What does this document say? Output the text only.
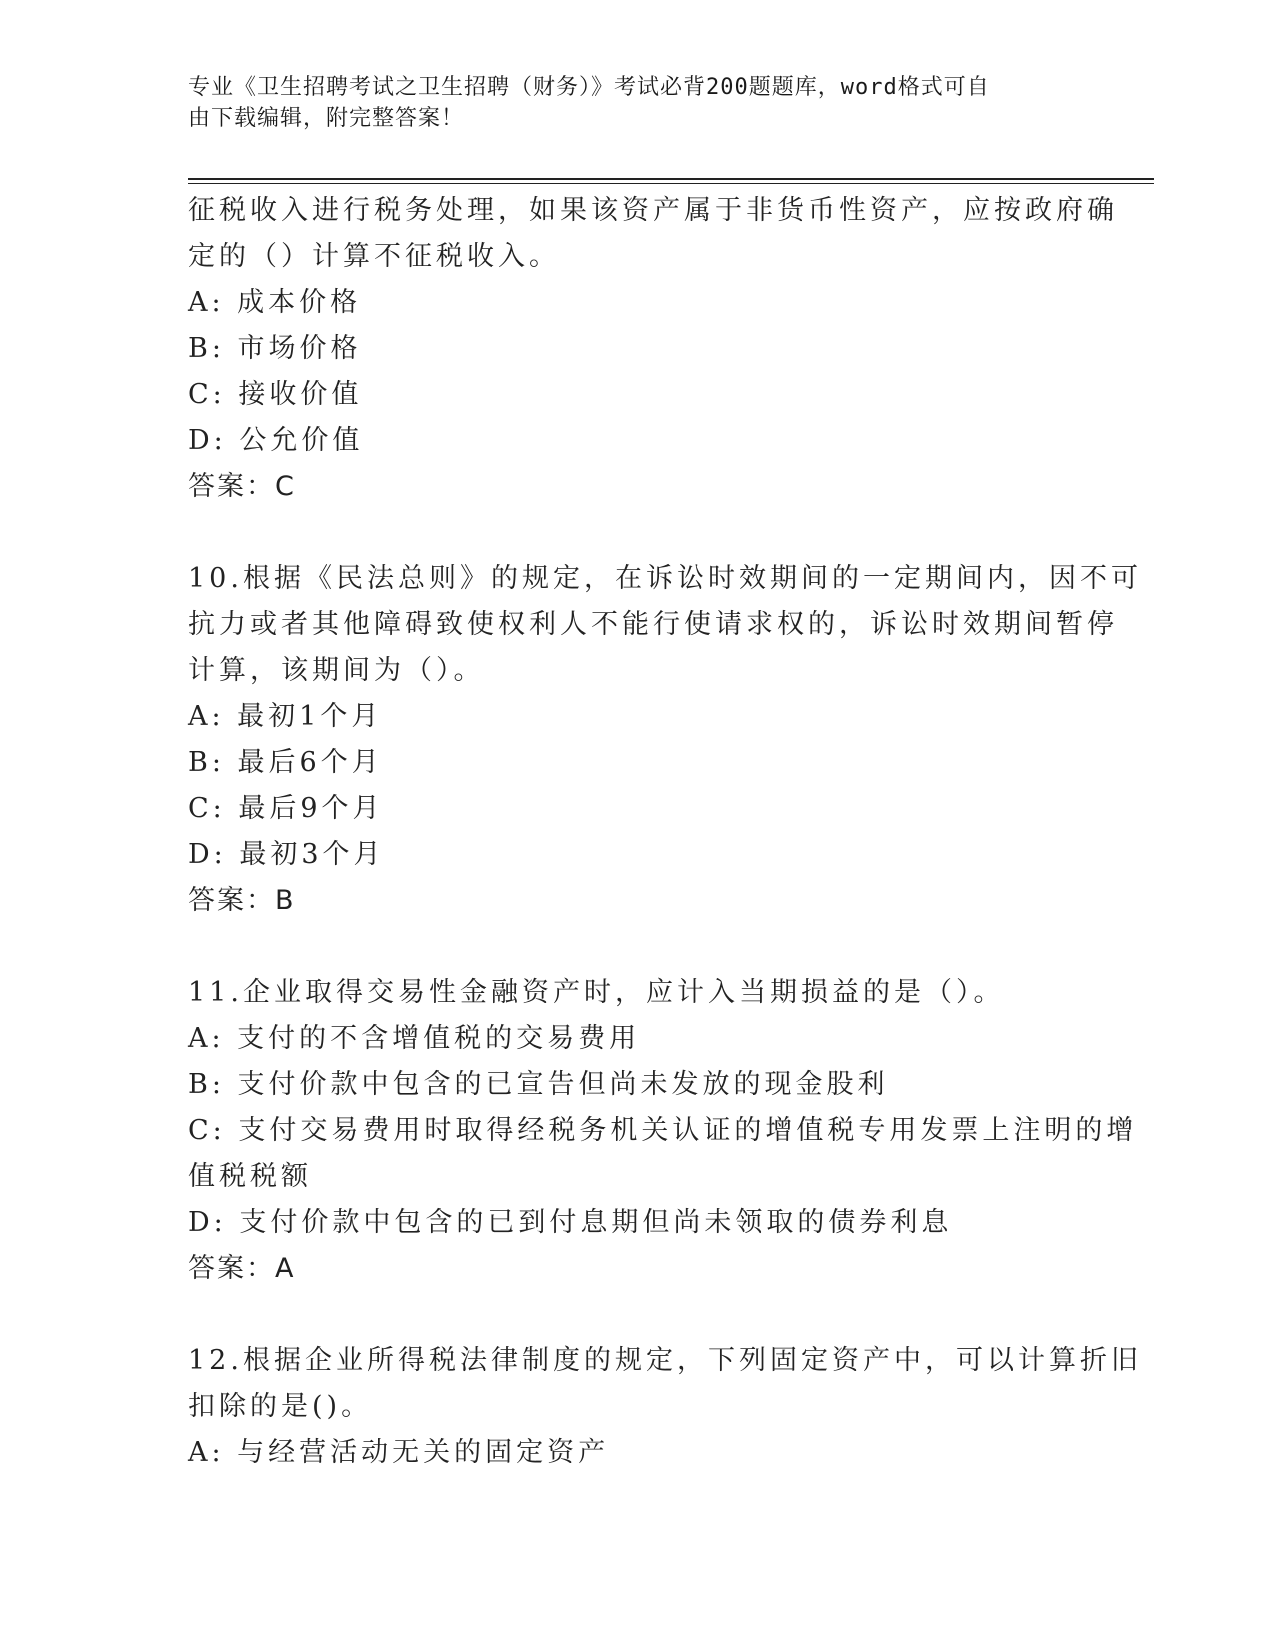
专业《卫生招聘考试之卫生招聘（财务）》考试必背200题题库，word格式可自
由下载编辑，附完整答案！

征税收入进行税务处理，如果该资产属于非货币性资产，应按政府确

定的（）计算不征税收入。

A: 成本价格

B: 市场价格

C: 接收价值

D: 公允价值

答案：C

10.根据《民法总则》的规定，在诉讼时效期间的一定期间内，因不可

抗力或者其他障碍致使权利人不能行使请求权的，诉讼时效期间暂停

计算，该期间为（）。

A: 最初1个月

B: 最后6个月

C: 最后9个月

D: 最初3个月

答案：B

11.企业取得交易性金融资产时，应计入当期损益的是（）。

A: 支付的不含增值税的交易费用

B: 支付价款中包含的已宣告但尚未发放的现金股利

C: 支付交易费用时取得经税务机关认证的增值税专用发票上注明的增

值税税额

D: 支付价款中包含的已到付息期但尚未领取的债券利息

答案：A

12.根据企业所得税法律制度的规定，下列固定资产中，可以计算折旧

扣除的是()。

A: 与经营活动无关的固定资产
